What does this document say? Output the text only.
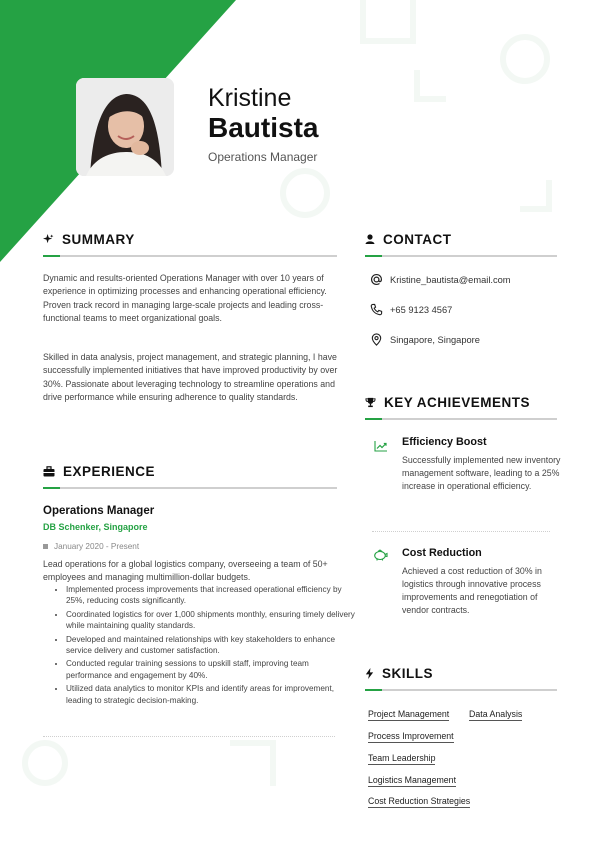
Kristine
Bautista
Operations Manager
SUMMARY
Dynamic and results-oriented Operations Manager with over 10 years of experience in optimizing processes and enhancing operational efficiency. Proven track record in managing large-scale projects and leading cross-functional teams to meet organizational goals.
Skilled in data analysis, project management, and strategic planning, I have successfully implemented initiatives that have improved productivity by over 30%. Passionate about leveraging technology to streamline operations and drive performance while ensuring adherence to quality standards.
EXPERIENCE
Operations Manager
DB Schenker, Singapore
January 2020 - Present
Lead operations for a global logistics company, overseeing a team of 50+ employees and managing multimillion-dollar budgets.
• Implemented process improvements that increased operational efficiency by 25%, reducing costs significantly.
• Coordinated logistics for over 1,000 shipments monthly, ensuring timely delivery while maintaining quality standards.
• Developed and maintained relationships with key stakeholders to enhance service delivery and customer satisfaction.
• Conducted regular training sessions to upskill staff, improving team performance and engagement by 40%.
• Utilized data analytics to monitor KPIs and identify areas for improvement, leading to strategic decision-making.
CONTACT
Kristine_bautista@email.com
+65 9123 4567
Singapore, Singapore
KEY ACHIEVEMENTS
Efficiency Boost
Successfully implemented new inventory management software, leading to a 25% increase in operational efficiency.
Cost Reduction
Achieved a cost reduction of 30% in logistics through innovative process improvements and renegotiation of vendor contracts.
SKILLS
Project Management Data Analysis
Process Improvement
Team Leadership
Logistics Management
Cost Reduction Strategies
